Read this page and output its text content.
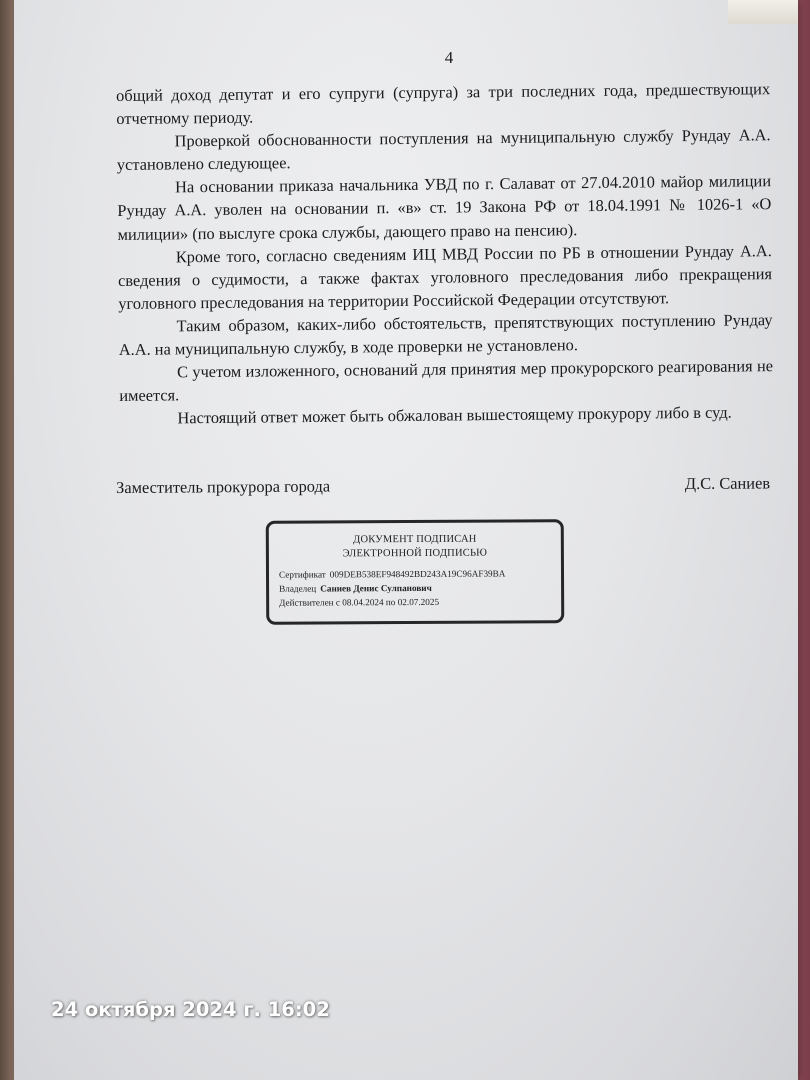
4

общий доход депутат и его супруги (супруга) за три последних года, предшествующих отчетному периоду.

Проверкой обоснованности поступления на муниципальную службу Рундау А.А. установлено следующее.

На основании приказа начальника УВД по г. Салават от 27.04.2010 майор милиции Рундау А.А. уволен на основании п. «в» ст. 19 Закона РФ от 18.04.1991 № 1026-1 «О милиции» (по выслуге срока службы, дающего право на пенсию).

Кроме того, согласно сведениям ИЦ МВД России по РБ в отношении Рундау А.А. сведения о судимости, а также фактах уголовного преследования либо прекращения уголовного преследования на территории Российской Федерации отсутствуют.

Таким образом, каких-либо обстоятельств, препятствующих поступлению Рундау А.А. на муниципальную службу, в ходе проверки не установлено.

С учетом изложенного, оснований для принятия мер прокурорского реагирования не имеется.

Настоящий ответ может быть обжалован вышестоящему прокурору либо в суд.

Заместитель прокурора города	Д.С. Саниев
ДОКУМЕНТ ПОДПИСАН
ЭЛЕКТРОННОЙ ПОДПИСЬЮ
Сертификат 009DEB538EF948492BD243A19C96AF39BA
Владелец Саниев Денис Сулпанович
Действителен с 08.04.2024 по 02.07.2025
24 октября 2024 г. 16:02
